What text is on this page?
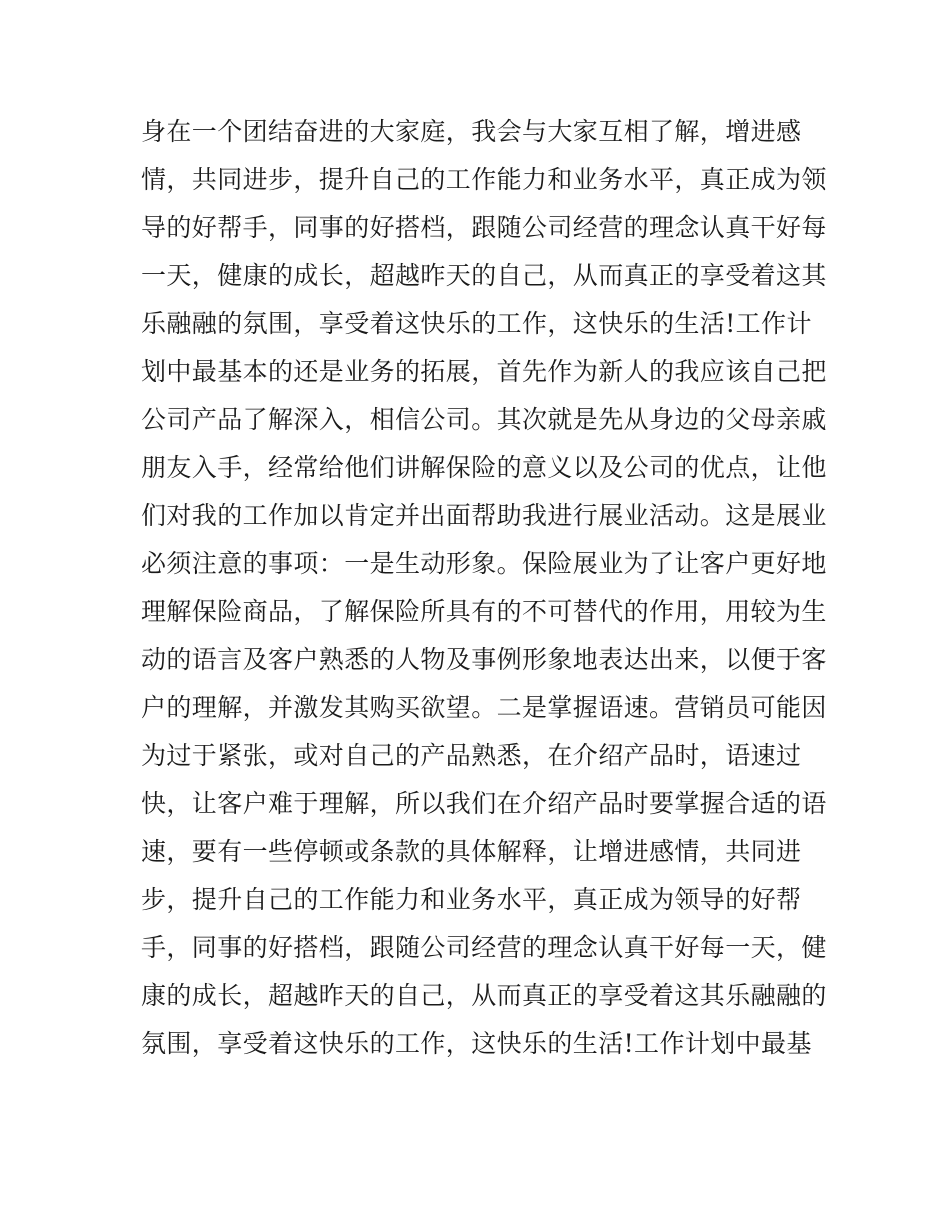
身在一个团结奋进的大家庭，我会与大家互相了解，增进感
情，共同进步，提升自己的工作能力和业务水平，真正成为领
导的好帮手，同事的好搭档，跟随公司经营的理念认真干好每
一天，健康的成长，超越昨天的自己，从而真正的享受着这其
乐融融的氛围，享受着这快乐的工作，这快乐的生活!工作计
划中最基本的还是业务的拓展，首先作为新人的我应该自己把
公司产品了解深入，相信公司。其次就是先从身边的父母亲戚
朋友入手，经常给他们讲解保险的意义以及公司的优点，让他
们对我的工作加以肯定并出面帮助我进行展业活动。这是展业
必须注意的事项：一是生动形象。保险展业为了让客户更好地
理解保险商品，了解保险所具有的不可替代的作用，用较为生
动的语言及客户熟悉的人物及事例形象地表达出来，以便于客
户的理解，并激发其购买欲望。二是掌握语速。营销员可能因
为过于紧张，或对自己的产品熟悉，在介绍产品时，语速过
快，让客户难于理解，所以我们在介绍产品时要掌握合适的语
速，要有一些停顿或条款的具体解释，让增进感情，共同进
步，提升自己的工作能力和业务水平，真正成为领导的好帮
手，同事的好搭档，跟随公司经营的理念认真干好每一天，健
康的成长，超越昨天的自己，从而真正的享受着这其乐融融的
氛围，享受着这快乐的工作，这快乐的生活!工作计划中最基
